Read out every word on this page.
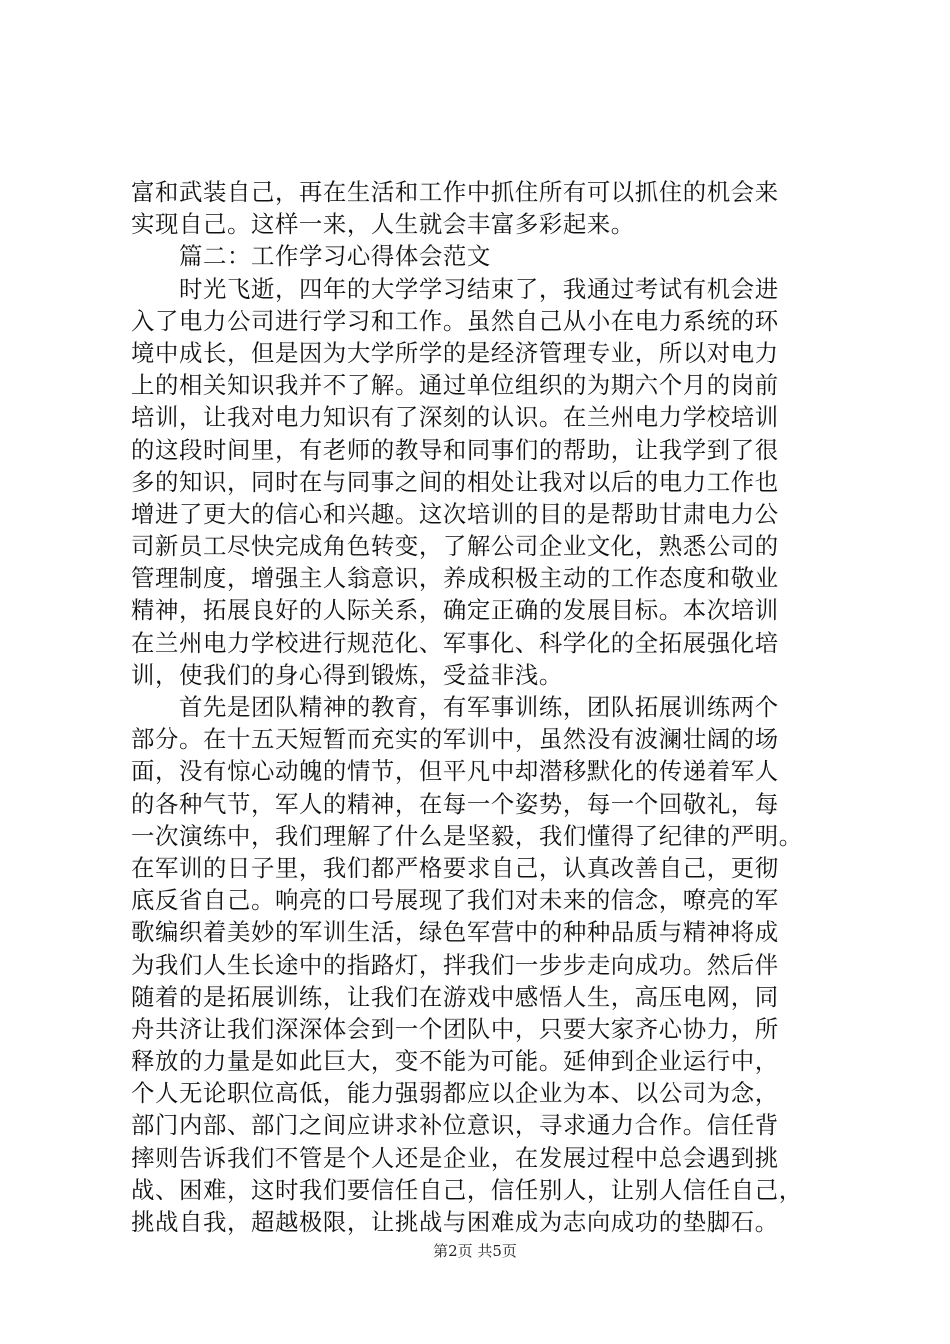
富和武装自己，再在生活和工作中抓住所有可以抓住的机会来
实现自己。这样一来，人生就会丰富多彩起来。
篇二：工作学习心得体会范文
时光飞逝，四年的大学学习结束了，我通过考试有机会进
入了电力公司进行学习和工作。虽然自己从小在电力系统的环
境中成长，但是因为大学所学的是经济管理专业，所以对电力
上的相关知识我并不了解。通过单位组织的为期六个月的岗前
培训，让我对电力知识有了深刻的认识。在兰州电力学校培训
的这段时间里，有老师的教导和同事们的帮助，让我学到了很
多的知识，同时在与同事之间的相处让我对以后的电力工作也
增进了更大的信心和兴趣。这次培训的目的是帮助甘肃电力公
司新员工尽快完成角色转变，了解公司企业文化，熟悉公司的
管理制度，增强主人翁意识，养成积极主动的工作态度和敬业
精神，拓展良好的人际关系，确定正确的发展目标。本次培训
在兰州电力学校进行规范化、军事化、科学化的全拓展强化培
训，使我们的身心得到锻炼，受益非浅。
首先是团队精神的教育，有军事训练，团队拓展训练两个
部分。在十五天短暂而充实的军训中，虽然没有波澜壮阔的场
面，没有惊心动魄的情节，但平凡中却潜移默化的传递着军人
的各种气节，军人的精神，在每一个姿势，每一个回敬礼，每
一次演练中，我们理解了什么是坚毅，我们懂得了纪律的严明。
在军训的日子里，我们都严格要求自己，认真改善自己，更彻
底反省自己。响亮的口号展现了我们对未来的信念，嘹亮的军
歌编织着美妙的军训生活，绿色军营中的种种品质与精神将成
为我们人生长途中的指路灯，拌我们一步步走向成功。然后伴
随着的是拓展训练，让我们在游戏中感悟人生，高压电网，同
舟共济让我们深深体会到一个团队中，只要大家齐心协力，所
释放的力量是如此巨大，变不能为可能。延伸到企业运行中，
个人无论职位高低，能力强弱都应以企业为本、以公司为念，
部门内部、部门之间应讲求补位意识，寻求通力合作。信任背
摔则告诉我们不管是个人还是企业，在发展过程中总会遇到挑
战、困难，这时我们要信任自己，信任别人，让别人信任自己，
挑战自我，超越极限，让挑战与困难成为志向成功的垫脚石。
第2页 共5页
